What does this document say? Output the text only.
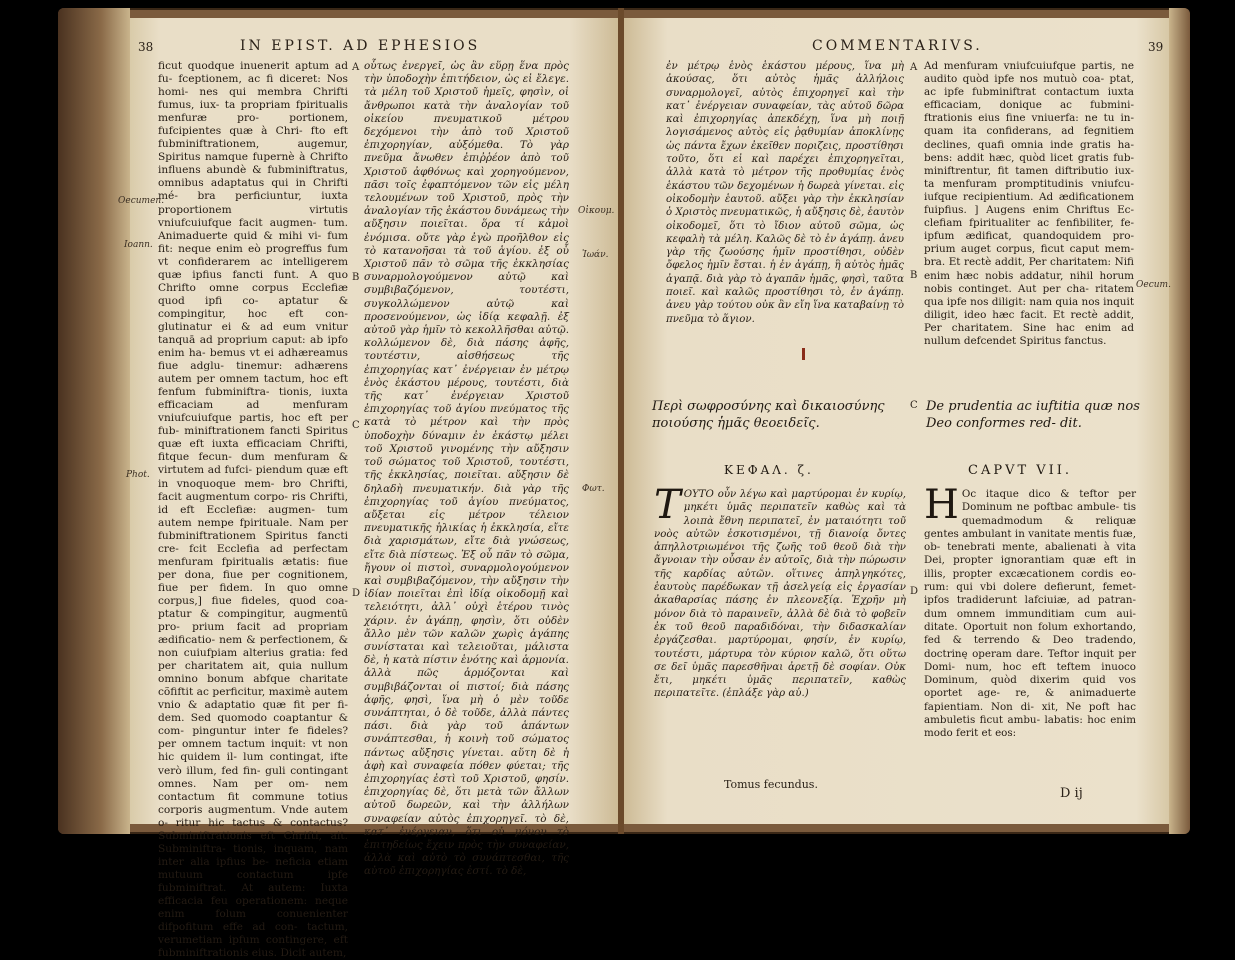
38	IN EPIST. AD EPHESIOS
ficut quodque inuenerit aptum ad fu- fceptionem, ac fi diceret: Nos homi- nes qui membra Chrifti fumus, iux- ta propriam fpiritualis menfuræ pro- portionem, fufcipientes quæ à Chri- fto eft fubminiftrationem, augemur, Spiritus namque fupernè à Chrifto influens abundè & fubminiftratus, omnibus adaptatus qui in Chrifti mé- bra perficiuntur, iuxta proportionem virtutis vniufcuiufque facit augmen- tum. Animaduerte quid & mihi vi- fum fit: neque enim eò progreffus fum vt confiderarem ac intelligerem quæ ipfius fancti funt. A quo Chrifto omne corpus Ecclefiæ quod ipfi co- aptatur & compingitur, hoc eft con- glutinatur ei & ad eum vnitur tanquā ad proprium caput: ab ipfo enim ha- bemus vt ei adhæreamus fiue adglu- tinemur: adhærens autem per omnem tactum, hoc eft fenfum fubminiftra- tionis, iuxta efficaciam ad menfuram vniufcuiufque partis, hoc eft per fub- miniftrationem fancti Spiritus quæ eft iuxta efficaciam Chrifti, fitque fecun- dum menfuram & virtutem ad fufci- piendum quæ eft in vnoquoque mem- bro Chrifti, facit augmentum corpo- ris Chrifti, id eft Ecclefiæ: augmen- tum autem nempe fpirituale. Nam per fubminiftrationem Spiritus fancti cre- fcit Ecclefia ad perfectam menfuram fpiritualis ætatis: fiue per dona, fiue per cognitionem, fiue per fidem. In quo omne corpus,] fiue fideles, quod coa- ptatur & compingitur, augmentū pro- prium facit ad propriam ædificatio- nem & perfectionem, & non cuiufpiam alterius gratia: fed per charitatem ait, quia nullum omnino bonum abfque charitate cõfiftit ac perficitur, maximè autem vnio & adaptatio quæ fit per fi- dem. Sed quomodo coaptantur & com- pinguntur inter fe fideles? per omnem tactum inquit: vt non hic quidem il- lum contingat, ifte verò illum, fed fin- guli contingant omnes. Nam per om- nem contactum fit commune totius corporis augmentum. Vnde autem o- ritur hic tactus & contactus? Subminiftrationis eft Chrifti, ait. Subminiftra- tionis, inquam, nam inter alia ipfius be- neficia etiam mutuum contactum ipfe fubminiftrat. At autem: Iuxta efficacia feu operationem: neque enim folum conuenienter difpofitum effe ad con- tactum, verumetiam ipfum contingere, eft fubminiftrationis eius. Dicit autem,
A
B
C
D
οὗτως ἐνεργεῖ, ὡς ἂν εὕρῃ ἕνα πρὸς τὴν ὑποδοχὴν ἐπιτήδειον, ὡς εἰ ἔλεγε. τὰ μέλη τοῦ Χριστοῦ ἡμεῖς, φησὶν, οἱ ἄνθρωποι κατὰ τὴν ἀναλογίαν τοῦ οἰκείου πνευματικοῦ μέτρου δεχόμενοι τὴν ἀπὸ τοῦ Χριστοῦ ἐπιχορηγίαν, αὐξόμεθα. Τὸ γὰρ πνεῦμα ἄνωθεν ἐπιῤῥέον ἀπὸ τοῦ Χριστοῦ ἀφθόνως καὶ χορηγούμενον, πᾶσι τοῖς ἐφαπτόμενον τῶν εἰς μέλη τελουμένων τοῦ Χριστοῦ, πρὸς τὴν ἀναλογίαν τῆς ἑκάστου δυνάμεως τὴν αὔξησιν ποιεῖται. ὅρα τί κἀμοὶ ἐνόμισα. οὔτε γὰρ ἐγὼ προῆλθον εἰς τὸ κατανοῆσαι τὰ τοῦ ἁγίου. ἐξ οὗ Χριστοῦ πᾶν τὸ σῶμα τῆς ἐκκλησίας συναρμολογούμενον αὐτῷ καὶ συμβιβαζόμενον, τουτέστι, συγκολλώμενον αὐτῷ καὶ προσενούμενον, ὡς ἰδίᾳ κεφαλῇ. ἐξ αὐτοῦ γὰρ ἡμῖν τὸ κεκολλῆσθαι αὐτῷ. κολλώμενον δὲ, διὰ πάσης ἁφῆς, τουτέστιν, αἰσθήσεως τῆς ἐπιχορηγίας κατ᾿ ἐνέργειαν ἐν μέτρῳ ἑνὸς ἑκάστου μέρους, τουτέστι, διὰ τῆς κατ᾿ ἐνέργειαν Χριστοῦ ἐπιχορηγίας τοῦ ἁγίου πνεύματος τῆς κατὰ τὸ μέτρον καὶ τὴν πρὸς ὑποδοχὴν δύναμιν ἐν ἑκάστῳ μέλει τοῦ Χριστοῦ γινομένης τὴν αὔξησιν τοῦ σώματος τοῦ Χριστοῦ, τουτέστι, τῆς ἐκκλησίας, ποιεῖται. αὔξησιν δὲ δηλαδὴ πνευματικήν. διὰ γὰρ τῆς ἐπιχορηγίας τοῦ ἁγίου πνεύματος, αὔξεται εἰς μέτρον τέλειον πνευματικῆς ἡλικίας ἡ ἐκκλησία, εἴτε διὰ χαρισμάτων, εἴτε διὰ γνώσεως, εἴτε διὰ πίστεως. Ἐξ οὗ πᾶν τὸ σῶμα, ἤγουν οἱ πιστοὶ, συναρμολογούμενον καὶ συμβιβαζόμενον, τὴν αὔξησιν τὴν ἰδίαν ποιεῖται ἐπὶ ἰδίᾳ οἰκοδομῇ καὶ τελειότητι, ἀλλ᾿ οὐχὶ ἑτέρου τινὸς χάριν. ἐν ἀγάπῃ, φησὶν, ὅτι οὐδὲν ἄλλο μὲν τῶν καλῶν χωρὶς ἀγάπης συνίσταται καὶ τελειοῦται, μάλιστα δὲ, ἡ κατὰ πίστιν ἑνότης καὶ ἁρμονία. ἀλλὰ πῶς ἁρμόζονται καὶ συμβιβάζονται οἱ πιστοί; διὰ πάσης ἁφῆς, φησὶ, ἵνα μὴ ὁ μὲν τοῦδε συνάπτηται, ὁ δὲ τοῦδε, ἀλλὰ πάντες πάσι. διὰ γὰρ τοῦ ἁπάντων συνάπτεσθαι, ἡ κοινὴ τοῦ σώματος πάντως αὔξησις γίνεται. αὕτη δὲ ἡ ἁφὴ καὶ συναφεία πόθεν φύεται; τῆς ἐπιχορηγίας ἐστὶ τοῦ Χριστοῦ, φησίν. ἐπιχορηγίας δὲ, ὅτι μετὰ τῶν ἄλλων αὐτοῦ δωρεῶν, καὶ τὴν ἀλλήλων συναφείαν αὐτὸς ἐπιχορηγεῖ. τὸ δὲ, κατ᾿ ἐνέργειαν, ὅτι οὐ μόνον τὸ ἐπιτηδείως ἔχειν πρὸς τὴν συναφείαν, ἀλλὰ καὶ αὐτὸ τὸ συνάπτεσθαι, τῆς αὐτοῦ ἐπιχορηγίας ἐστί. τὸ δὲ,
Oecumen.
Ioann.
Phot.
Οἰκουμ.
Ἰωάν.
Φωτ.
COMMENTARIVS.	39
ἐν μέτρῳ ἑνὸς ἑκάστου μέρους, ἵνα μὴ ἀκούσας, ὅτι αὐτὸς ἡμᾶς ἀλλήλοις συναρμολογεῖ, αὐτὸς ἐπιχορηγεῖ καὶ τὴν κατ᾿ ἐνέργειαν συναφείαν, τὰς αὐτοῦ δῶρα καὶ ἐπιχορηγίας ἀπεκδέχῃ, ἵνα μὴ ποιῇ λογισάμενος αὐτὸς εἰς ῥᾳθυμίαν ἀποκλίνῃς ὡς πάντα ἔχων ἐκεῖθεν ποριζεις, προστίθησι τοῦτο, ὅτι εἰ καὶ παρέχει ἐπιχορηγεῖται, ἀλλὰ κατὰ τὸ μέτρον τῆς προθυμίας ἑνὸς ἑκάστου τῶν δεχομένων ἡ δωρεὰ γίνεται. εἰς οἰκοδομὴν ἑαυτοῦ. αὔξει γὰρ τὴν ἐκκλησίαν ὁ Χριστὸς πνευματικῶς, ἡ αὔξησις δὲ, ἑαυτὸν οἰκοδομεῖ, ὅτι τὸ ἴδιον αὐτοῦ σῶμα, ὡς κεφαλὴ τὰ μέλη. Καλῶς δὲ τὸ ἐν ἀγάπῃ. ἀνευ γὰρ τῆς ζωούσης ἡμῖν προστίθησι, οὐδὲν ὄφελος ἡμῖν ἔσται. ἡ ἐν ἀγάπῃ, ἣ αὐτὸς ἡμᾶς ἀγαπᾷ. διὰ γὰρ τὸ ἀγαπᾶν ἡμᾶς, φησὶ, ταῦτα ποιεῖ. καὶ καλῶς προστίθησι τὸ, ἐν ἀγάπῃ. ἀνευ γὰρ τούτου οὐκ ἂν εἴη ἵνα καταβαίνῃ τὸ πνεῦμα τὸ ἅγιον.
A
B
C
D
Ad menfuram vniufcuiufque partis, ne audito quòd ipfe nos mutuò coa- ptat, ac ipfe fubminiftrat contactum iuxta efficaciam, donique ac fubmini- ftrationis eius fine vniuerfa: ne tu in- quam ita confiderans, ad fegnitiem declines, quafi omnia inde gratis ha- bens: addit hæc, quòd licet gratis fub- miniftrentur, fit tamen diftributio iux- ta menfuram promptitudinis vniufcu- iufque recipientium. Ad ædificationem fuipfius. ] Augens enim Chriftus Ec- clefiam fpiritualiter ac fenfibiliter, fe- ipfum ædificat, quandoquidem pro- prium auget corpus, ficut caput mem- bra. Et rectè addit, Per charitatem: Nifi enim hæc nobis addatur, nihil horum nobis continget. Aut per cha- ritatem qua ipfe nos diligit: nam quia nos inquit diligit, ideo hæc facit. Et rectè addit, Per charitatem. Sine hac enim ad nullum defcendet Spiritus fanctus.
Oecum.
Περὶ σωφροσύνης καὶ δικαιοσύνης ποιούσης ἡμᾶς θεοειδεῖς.
ΚΕΦΑΛ. ζ.
De prudentia ac iuftitia quæ nos Deo conformes red- dit.
CAPVT VII.
Τ ΟΥΤΟ οὖν λέγω καὶ μαρτύρομαι ἐν κυρίῳ, μηκέτι ὑμᾶς περιπατεῖν καθὼς καὶ τὰ λοιπὰ ἔθνη περιπατεῖ, ἐν ματαιότητι τοῦ νοὸς αὐτῶν ἐσκοτισμένοι, τῇ διανοίᾳ ὄντες ἀπηλλοτριωμένοι τῆς ζωῆς τοῦ θεοῦ διὰ τὴν ἄγνοιαν τὴν οὖσαν ἐν αὐτοῖς, διὰ τὴν πώρωσιν τῆς καρδίας αὐτῶν. οἵτινες ἀπηλγηκότες, ἑαυτοὺς παρέδωκαν τῇ ἀσελγείᾳ εἰς ἐργασίαν ἀκαθαρσίας πάσης ἐν πλεονεξίᾳ. Ἐχρῆν μὴ μόνον διὰ τὸ παραινεῖν, ἀλλὰ δὲ διὰ τὸ φοβεῖν ἐκ τοῦ θεοῦ παραδιδόναι, τὴν διδασκαλίαν ἐργάζεσθαι. μαρτύρομαι, φησίν, ἐν κυρίῳ, τουτέστι, μάρτυρα τὸν κύριον καλῶ, ὅτι οὕτω σε δεῖ ὑμᾶς παρεσθῆναι ἀρετῇ δὲ σοφίαν. Οὐκ ἔτι, μηκέτι ὑμᾶς περιπατεῖν, καθὼς περιπατεῖτε. (ἐπλάξε γὰρ αὐ.)
H Oc itaque dico & teftor per Dominum ne poftbac ambule- tis quemadmodum & reliquæ gentes ambulant in vanitate mentis fuæ, ob- tenebrati mente, abalienati à vita Dei, propter ignorantiam quæ eft in illis, propter excæcationem cordis eo- rum: qui vbi dolere defierunt, femet- ipfos tradiderunt lafciuiæ, ad patran- dum omnem immunditiam cum aui- ditate. Oportuit non folum exhortando, fed & terrendo & Deo tradendo, doctrinę operam dare. Teftor inquit per Domi- num, hoc eft teftem inuoco Dominum, quòd dixerim quid vos oportet age- re, & animaduerte fapientiam. Non di- xit, Ne poft hac ambuletis ficut ambu- labatis: hoc enim modo ferit et eos:
Tomus fecundus.
D ij
